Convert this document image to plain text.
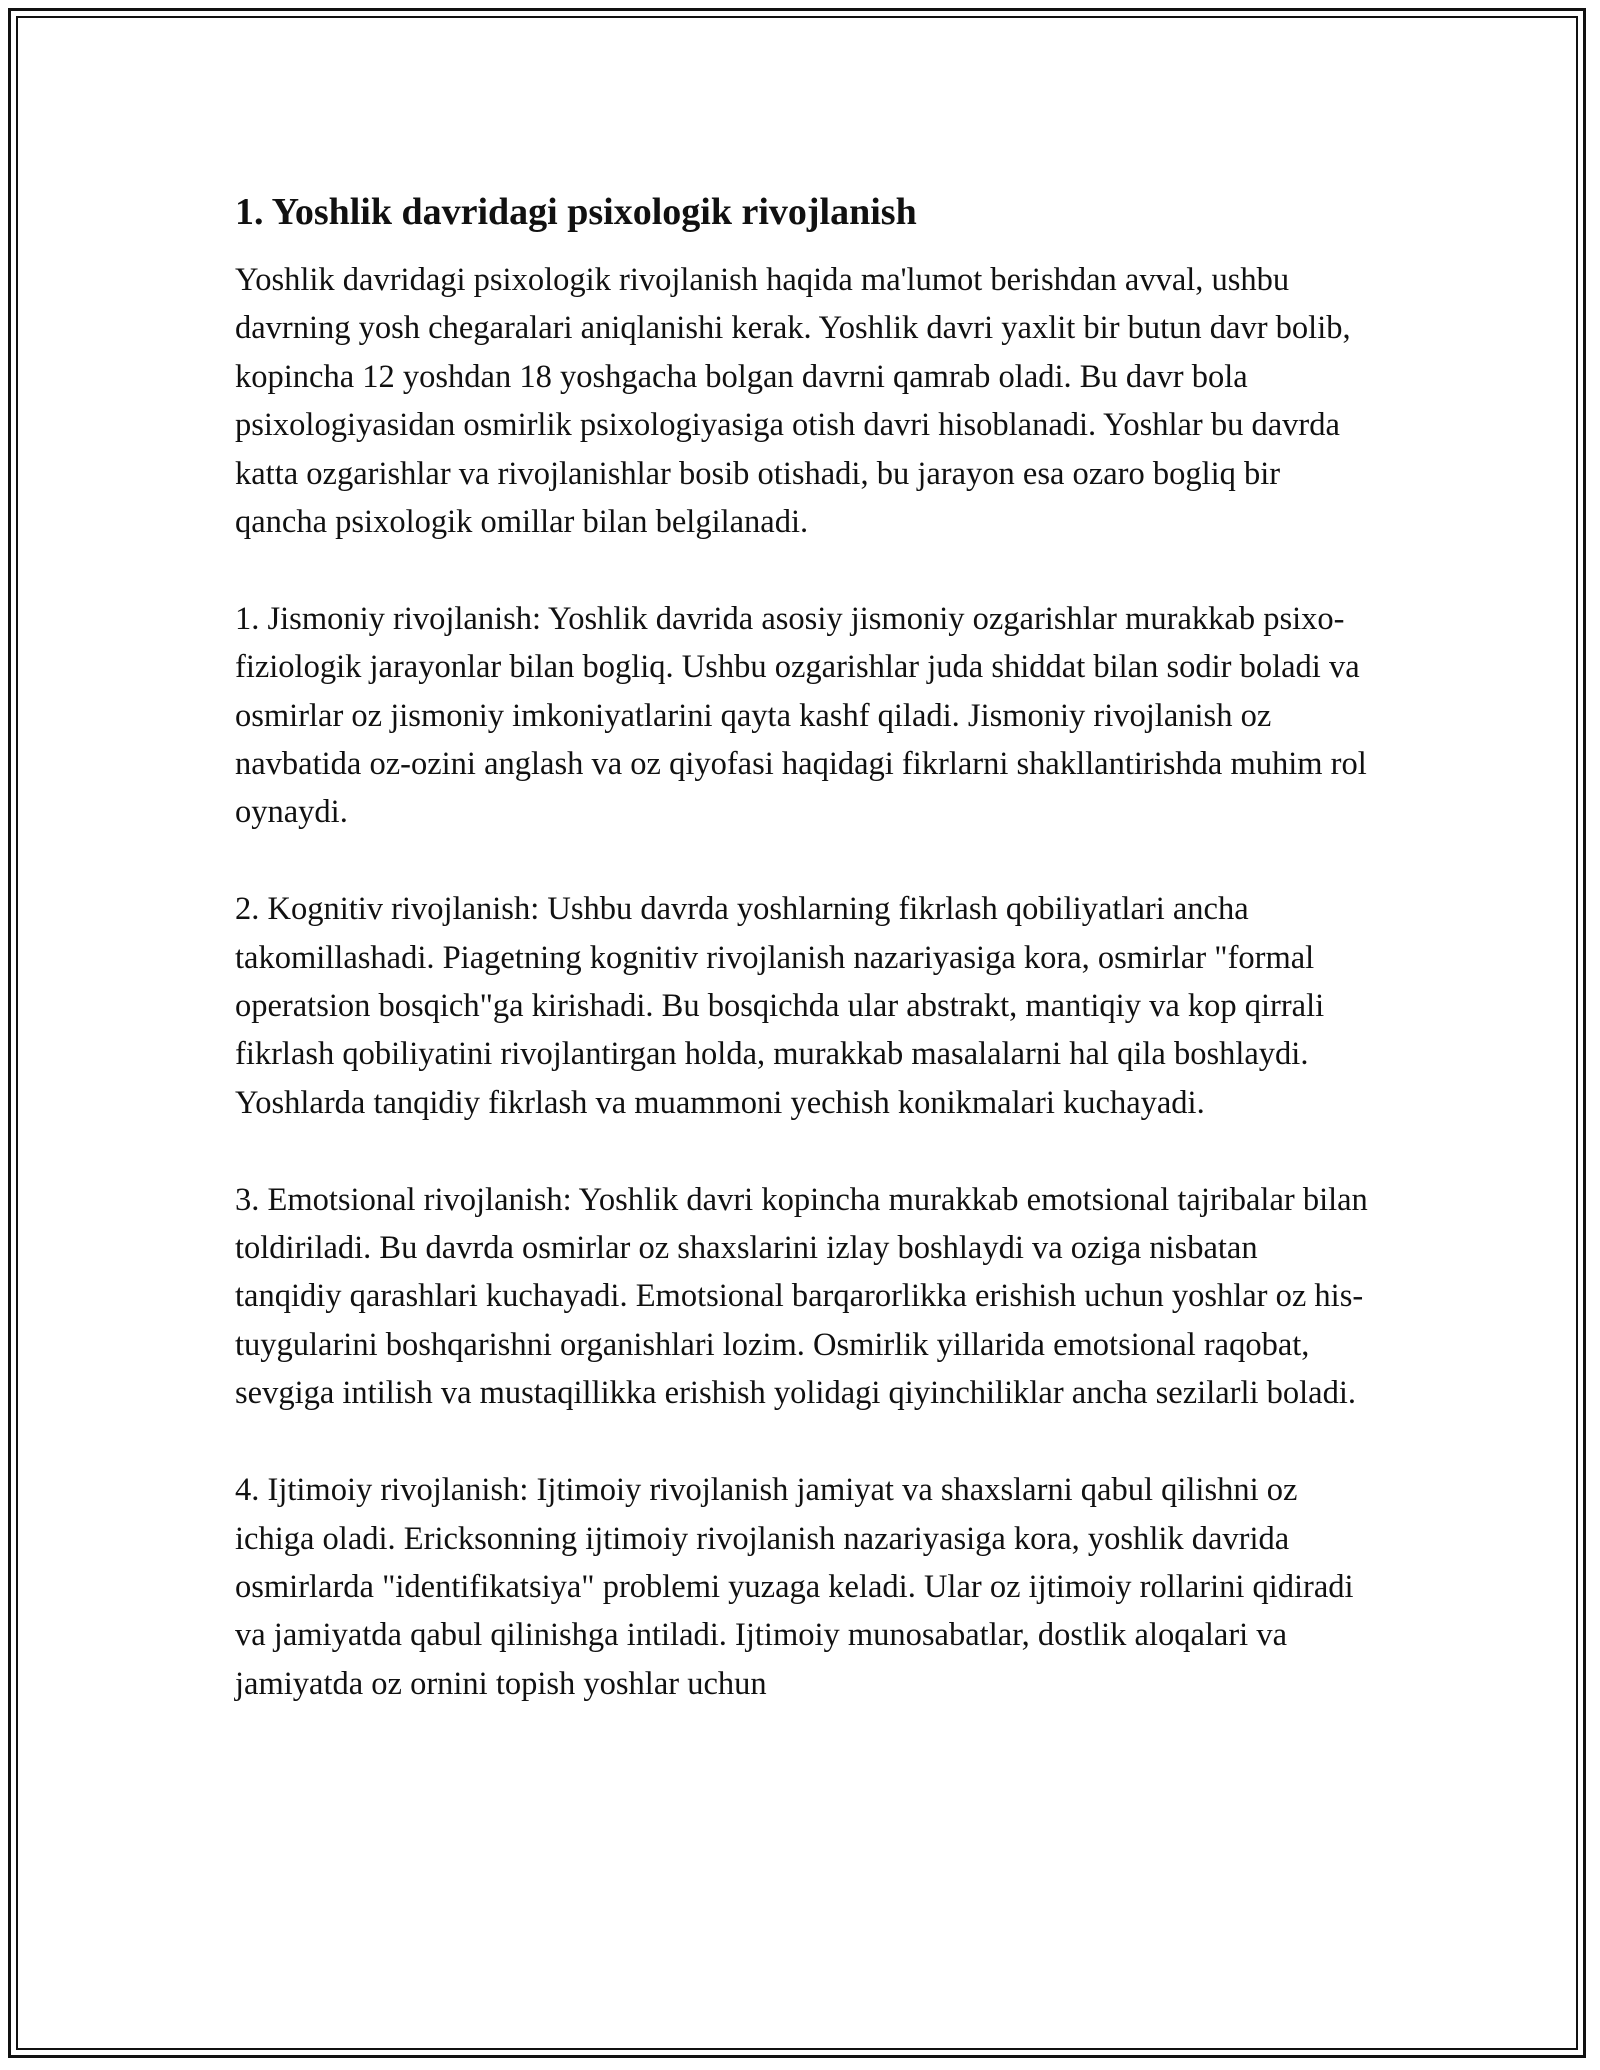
1. Yoshlik davridagi psixologik rivojlanish

Yoshlik davridagi psixologik rivojlanish haqida ma'lumot berishdan avval, ushbu davrning yosh chegaralari aniqlanishi kerak. Yoshlik davri yaxlit bir butun davr bolib, kopincha 12 yoshdan 18 yoshgacha bolgan davrni qamrab oladi. Bu davr bola psixologiyasidan osmirlik psixologiyasiga otish davri hisoblanadi. Yoshlar bu davrda katta ozgarishlar va rivojlanishlar bosib otishadi, bu jarayon esa ozaro bogliq bir qancha psixologik omillar bilan belgilanadi.

1. Jismoniy rivojlanish: Yoshlik davrida asosiy jismoniy ozgarishlar murakkab psixo-fiziologik jarayonlar bilan bogliq. Ushbu ozgarishlar juda shiddat bilan sodir boladi va osmirlar oz jismoniy imkoniyatlarini qayta kashf qiladi. Jismoniy rivojlanish oz navbatida oz-ozini anglash va oz qiyofasi haqidagi fikrlarni shakllantirishda muhim rol oynaydi.

2. Kognitiv rivojlanish: Ushbu davrda yoshlarning fikrlash qobiliyatlari ancha takomillashadi. Piagetning kognitiv rivojlanish nazariyasiga kora, osmirlar "formal operatsion bosqich"ga kirishadi. Bu bosqichda ular abstrakt, mantiqiy va kop qirrali fikrlash qobiliyatini rivojlantirgan holda, murakkab masalalarni hal qila boshlaydi. Yoshlarda tanqidiy fikrlash va muammoni yechish konikmalari kuchayadi.

3. Emotsional rivojlanish: Yoshlik davri kopincha murakkab emotsional tajribalar bilan toldiriladi. Bu davrda osmirlar oz shaxslarini izlay boshlaydi va oziga nisbatan tanqidiy qarashlari kuchayadi. Emotsional barqarorlikka erishish uchun yoshlar oz his-tuygularini boshqarishni organishlari lozim. Osmirlik yillarida emotsional raqobat, sevgiga intilish va mustaqillikka erishish yolidagi qiyinchiliklar ancha sezilarli boladi.

4. Ijtimoiy rivojlanish: Ijtimoiy rivojlanish jamiyat va shaxslarni qabul qilishni oz ichiga oladi. Ericksonning ijtimoiy rivojlanish nazariyasiga kora, yoshlik davrida osmirlarda "identifikatsiya" problemi yuzaga keladi. Ular oz ijtimoiy rollarini qidiradi va jamiyatda qabul qilinishga intiladi. Ijtimoiy munosabatlar, dostlik aloqalari va jamiyatda oz ornini topish yoshlar uchun
